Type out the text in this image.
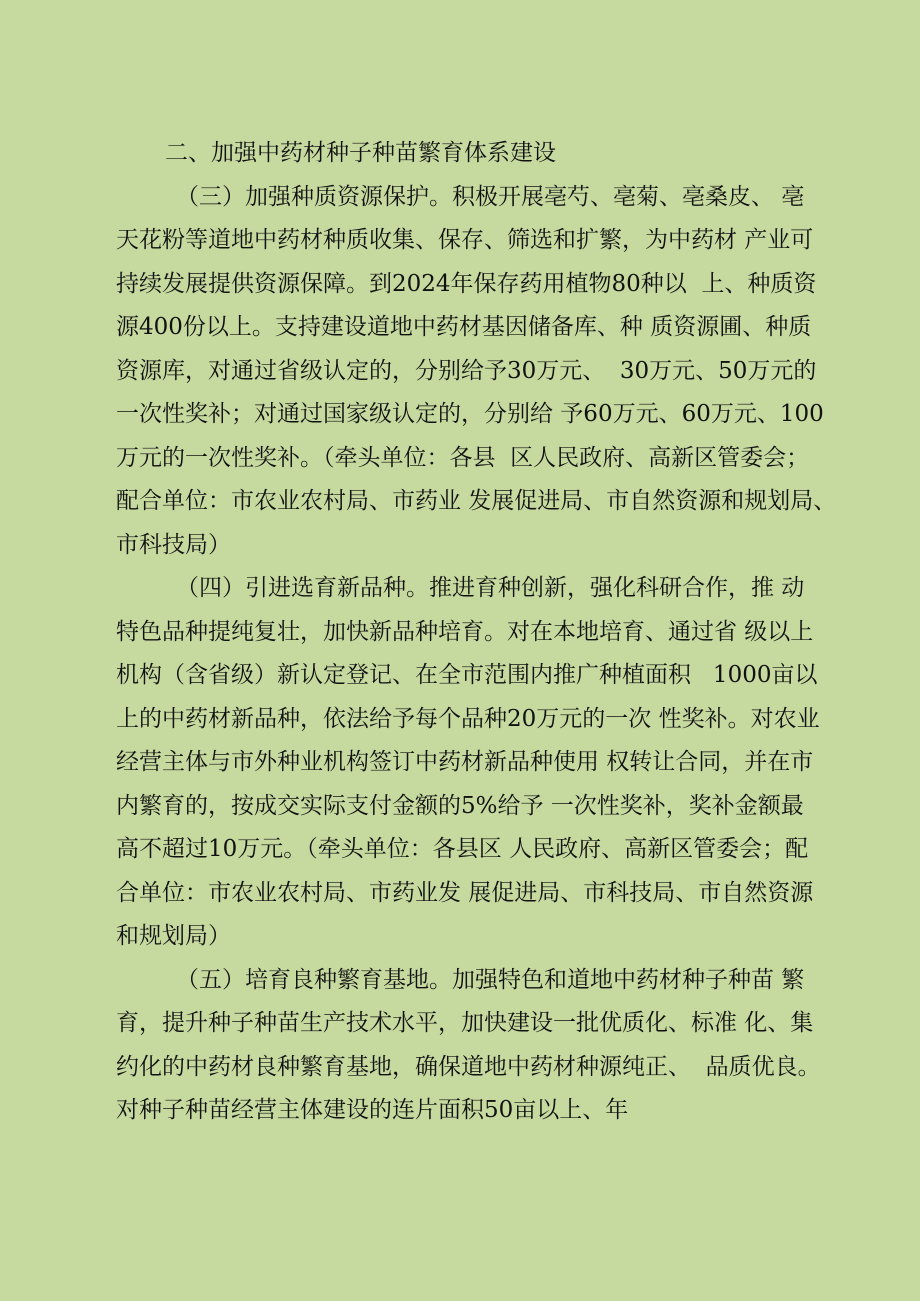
二、加强中药材种子种苗繁育体系建设
（三）加强种质资源保护。积极开展亳芍、亳菊、亳桑皮、 亳
天花粉等道地中药材种质收集、保存、筛选和扩繁，为中药材 产业可
持续发展提供资源保障。到2024年保存药用植物80种以  上、种质资
源400份以上。支持建设道地中药材基因储备库、种 质资源圃、种质
资源库，对通过省级认定的，分别给予30万元、  30万元、50万元的
一次性奖补；对通过国家级认定的，分别给 予60万元、60万元、100
万元的一次性奖补。（牵头单位：各县  区人民政府、高新区管委会；
配合单位：市农业农村局、市药业 发展促进局、市自然资源和规划局、
市科技局）
（四）引进选育新品种。推进育种创新，强化科研合作，推 动
特色品种提纯复壮，加快新品种培育。对在本地培育、通过省 级以上
机构（含省级）新认定登记、在全市范围内推广种植面积   1000亩以
上的中药材新品种，依法给予每个品种20万元的一次 性奖补。对农业
经营主体与市外种业机构签订中药材新品种使用 权转让合同，并在市
内繁育的，按成交实际支付金额的5%给予 一次性奖补，奖补金额最
高不超过10万元。（牵头单位：各县区 人民政府、高新区管委会；配
合单位：市农业农村局、市药业发 展促进局、市科技局、市自然资源
和规划局）
（五）培育良种繁育基地。加强特色和道地中药材种子种苗 繁
育，提升种子种苗生产技术水平，加快建设一批优质化、标准 化、集
约化的中药材良种繁育基地，确保道地中药材种源纯正、  品质优良。
对种子种苗经营主体建设的连片面积50亩以上、年
